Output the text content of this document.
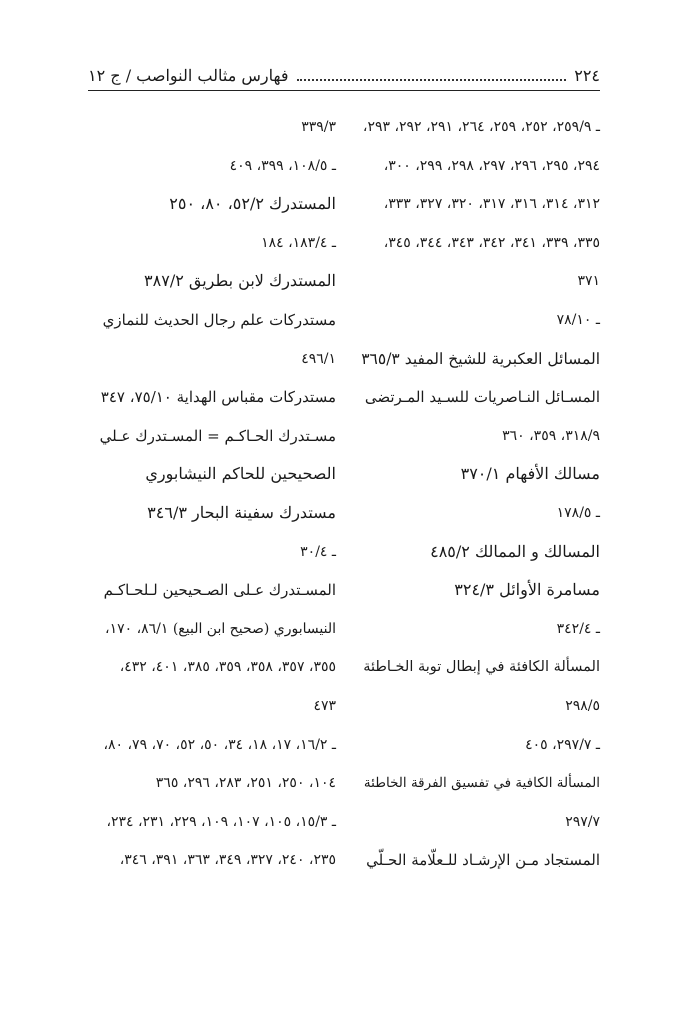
فهارس مثالب النواصب / ج ١٢	٢٢٤
ـ ٢٥٩/٩، ٢٥٢، ٢٥٩، ٢٦٤، ٢٩١، ٢٩٢، ٢٩٣،
٢٩٤، ٢٩٥، ٢٩٦، ٢٩٧، ٢٩٨، ٢٩٩، ٣٠٠،
٣١٢، ٣١٤، ٣١٦، ٣١٧، ٣٢٠، ٣٢٧، ٣٣٣،
٣٣٥، ٣٣٩، ٣٤١، ٣٤٢، ٣٤٣، ٣٤٤، ٣٤٥،
٣٧١
ـ ٧٨/١٠
المسائل العكبرية للشيخ المفيد ٣٦٥/٣
المسـائل النـاصريات للسـيد المـرتضى
٣١٨/٩، ٣٥٩، ٣٦٠
مسالك الأفهام ٣٧٠/١
ـ ١٧٨/٥
المسالك و الممالك ٤٨٥/٢
مسامرة الأوائل ٣٢٤/٣
ـ ٣٤٢/٤
المسألة الكافئة في إبطال توبة الخـاطئة
٢٩٨/٥
ـ ٢٩٧/٧، ٤٠٥
المسألة الكافية في تفسيق الفرقة الخاطئة
٢٩٧/٧
المستجاد مـن الإرشـاد للـعلّامة الحـلّي
٣٣٩/٣
ـ ١٠٨/٥، ٣٩٩، ٤٠٩
المستدرك ٥٢/٢، ٨٠، ٢٥٠
ـ ١٨٣/٤، ١٨٤
المستدرك لابن بطريق ٣٨٧/٢
مستدركات علم رجال الحديث للنمازي
٤٩٦/١
مستدركات مقباس الهداية ٧٥/١٠، ٣٤٧
مسـتدرك الحـاكـم = المسـتدرك عـلي
الصحيحين للحاكم النيشابوري
مستدرك سفينة البحار ٣٤٦/٣
ـ ٣٠/٤
المسـتدرك عـلى الصـحيحين لـلحـاكـم
النيسابوري (صحيح ابن البيع) ٨٦/١، ١٧٠،
٣٥٥، ٣٥٧، ٣٥٨، ٣٥٩، ٣٨٥، ٤٠١، ٤٣٢،
٤٧٣
ـ ١٦/٢، ١٧، ١٨، ٣٤، ٥٠، ٥٢، ٧٠، ٧٩، ٨٠،
١٠٤، ٢٥٠، ٢٥١، ٢٨٣، ٢٩٦، ٣٦٥
ـ ١٥/٣، ١٠٥، ١٠٧، ١٠٩، ٢٢٩، ٢٣١، ٢٣٤،
٢٣٥، ٢٤٠، ٣٢٧، ٣٤٩، ٣٦٣، ٣٩١، ٣٤٦،
